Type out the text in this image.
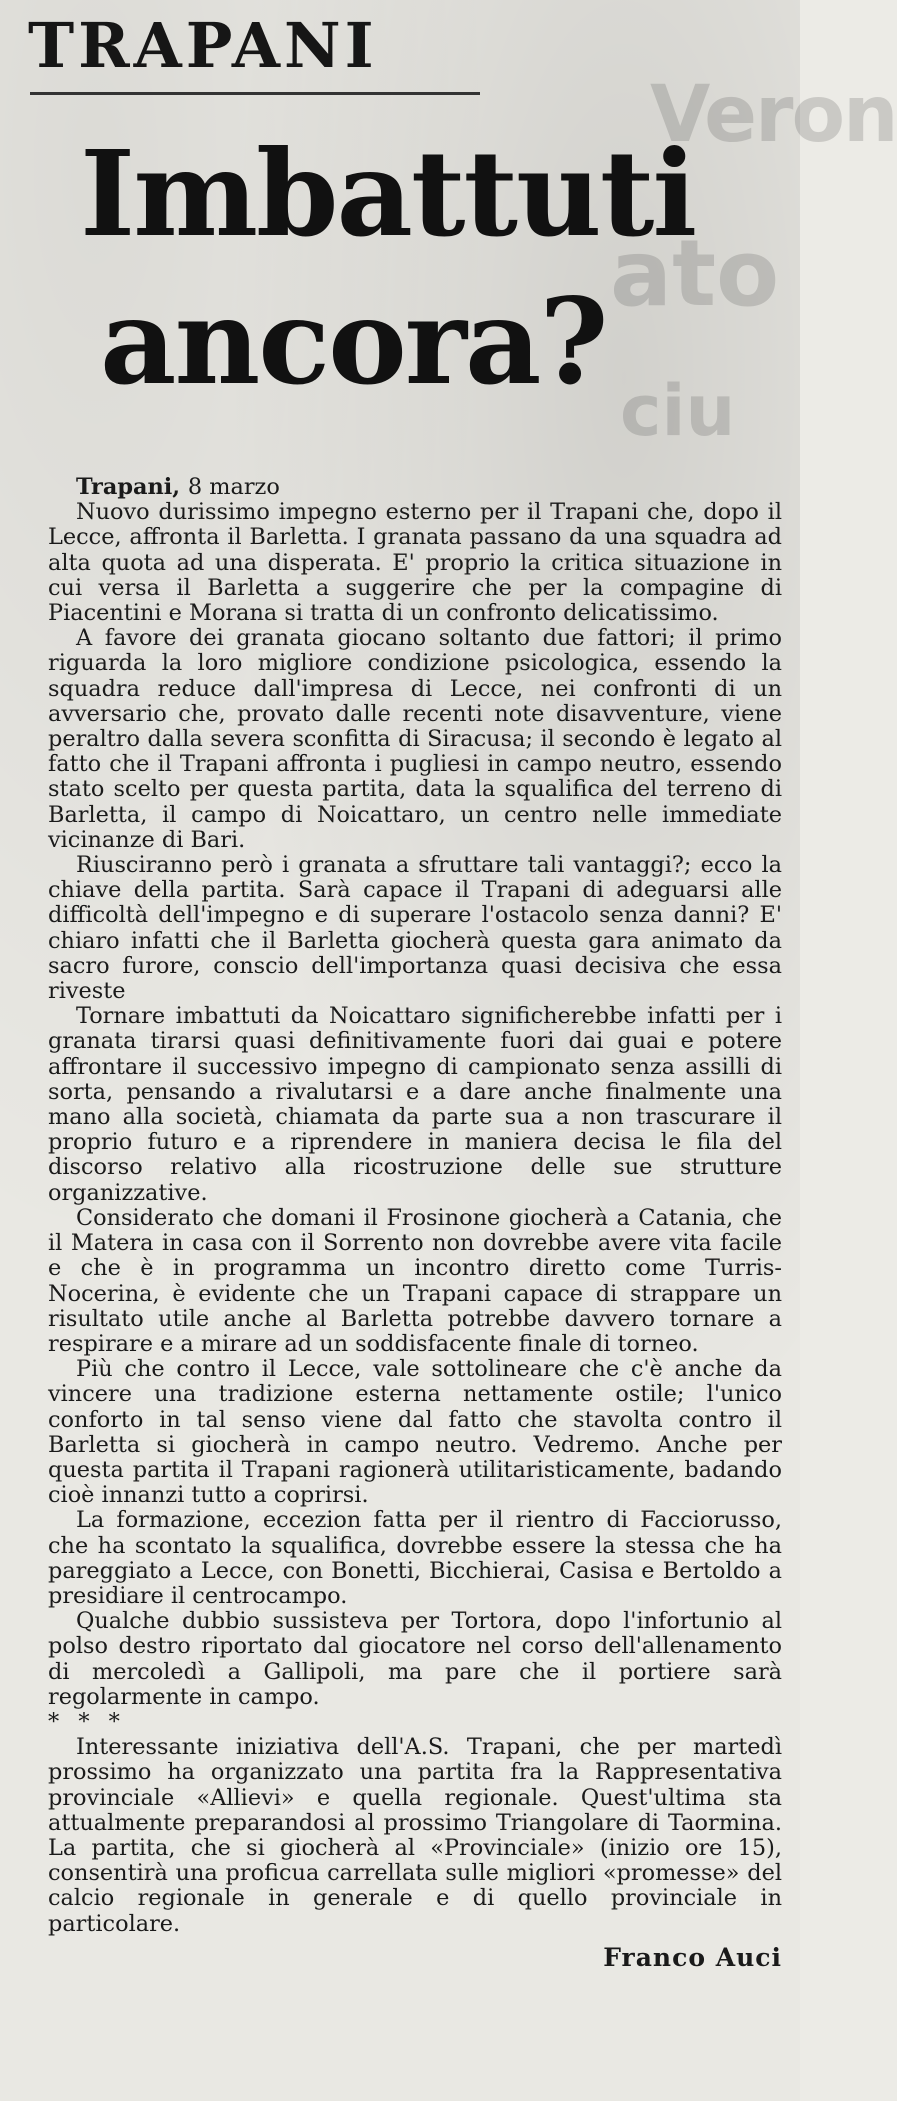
Veron
ato
ciu
TRAPANI
Imbattuti
ancora?

Trapani, 8 marzo

Nuovo durissimo impegno esterno per il Trapani che, dopo il Lecce, affronta il Barletta. I granata passano da una squadra ad alta quota ad una disperata. E' proprio la critica situazione in cui versa il Barletta a suggerire che per la compagine di Piacentini e Morana si tratta di un confronto delicatissimo.

A favore dei granata giocano soltanto due fattori; il primo riguarda la loro migliore condizione psicologica, essendo la squadra reduce dall'impresa di Lecce, nei confronti di un avversario che, provato dalle recenti note disavventure, viene peraltro dalla severa sconfitta di Siracusa; il secondo è legato al fatto che il Trapani affronta i pugliesi in campo neutro, essendo stato scelto per questa partita, data la squalifica del terreno di Barletta, il campo di Noicattaro, un centro nelle immediate vicinanze di Bari.

Riusciranno però i granata a sfruttare tali vantaggi?; ecco la chiave della partita. Sarà capace il Trapani di adeguarsi alle difficoltà dell'impegno e di superare l'ostacolo senza danni? E' chiaro infatti che il Barletta giocherà questa gara animato da sacro furore, conscio dell'importanza quasi decisiva che essa riveste

Tornare imbattuti da Noicattaro significherebbe infatti per i granata tirarsi quasi definitivamente fuori dai guai e potere affrontare il successivo impegno di campionato senza assilli di sorta, pensando a rivalutarsi e a dare anche finalmente una mano alla società, chiamata da parte sua a non trascurare il proprio futuro e a riprendere in maniera decisa le fila del discorso relativo alla ricostruzione delle sue strutture organizzative.

Considerato che domani il Frosinone giocherà a Catania, che il Matera in casa con il Sorrento non dovrebbe avere vita facile e che è in programma un incontro diretto come Turris-Nocerina, è evidente che un Trapani capace di strappare un risultato utile anche al Barletta potrebbe davvero tornare a respirare e a mirare ad un soddisfacente finale di torneo.

Più che contro il Lecce, vale sottolineare che c'è anche da vincere una tradizione esterna nettamente ostile; l'unico conforto in tal senso viene dal fatto che stavolta contro il Barletta si giocherà in campo neutro. Vedremo. Anche per questa partita il Trapani ragionerà utilitaristicamente, badando cioè innanzi tutto a coprirsi.

La formazione, eccezion fatta per il rientro di Facciorusso, che ha scontato la squalifica, dovrebbe essere la stessa che ha pareggiato a Lecce, con Bonetti, Bicchierai, Casisa e Bertoldo a presidiare il centrocampo.

Qualche dubbio sussisteva per Tortora, dopo l'infortunio al polso destro riportato dal giocatore nel corso dell'allenamento di mercoledì a Gallipoli, ma pare che il portiere sarà regolarmente in campo.

* * *

Interessante iniziativa dell'A.S. Trapani, che per martedì prossimo ha organizzato una partita fra la Rappresentativa provinciale «Allievi» e quella regionale. Quest'ultima sta attualmente preparandosi al prossimo Triangolare di Taormina. La partita, che si giocherà al «Provinciale» (inizio ore 15), consentirà una proficua carrellata sulle migliori «promesse» del calcio regionale in generale e di quello provinciale in particolare.

Franco Auci
